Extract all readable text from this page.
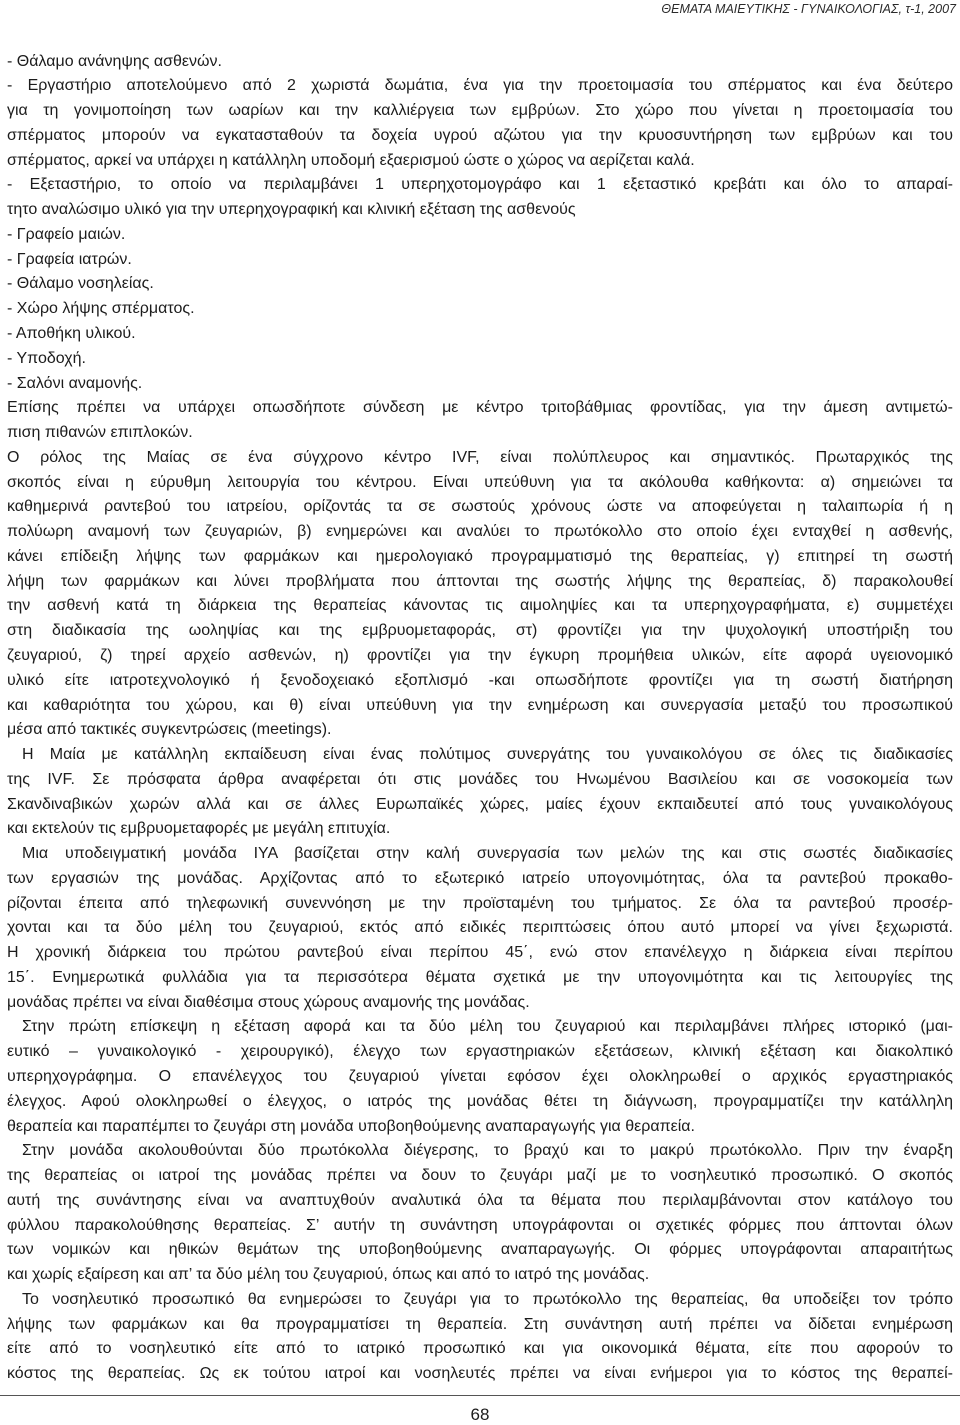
ΘΕΜΑΤΑ ΜΑΙΕΥΤΙΚΗΣ - ΓΥΝΑΙΚΟΛΟΓΙΑΣ, τ-1, 2007
- Θάλαμο ανάνηψης ασθενών.
- Εργαστήριο αποτελούμενο από 2 χωριστά δωμάτια, ένα για την προετοιμασία του σπέρματος και ένα δεύτερο
για τη γονιμοποίηση των ωαρίων και την καλλιέργεια των εμβρύων. Στο χώρο που γίνεται η προετοιμασία του
σπέρματος μπορούν να εγκατασταθούν τα δοχεία υγρού αζώτου για την κρυοσυντήρηση των εμβρύων και του
σπέρματος, αρκεί να υπάρχει η κατάλληλη υποδομή εξαερισμού ώστε ο χώρος να αερίζεται καλά.
- Εξεταστήριο, το οποίο να περιλαμβάνει 1 υπερηχοτομογράφο και 1 εξεταστικό κρεβάτι και όλο το απαραί-
τητο αναλώσιμο υλικό για την υπερηχογραφική και κλινική εξέταση της ασθενούς
- Γραφείο μαιών.
- Γραφεία ιατρών.
- Θάλαμο νοσηλείας.
- Χώρο λήψης σπέρματος.
- Αποθήκη υλικού.
- Υποδοχή.
- Σαλόνι αναμονής.
Επίσης πρέπει να υπάρχει οπωσδήποτε σύνδεση με κέντρο τριτοβάθμιας φροντίδας, για την άμεση αντιμετώ-
πιση πιθανών επιπλοκών.
Ο ρόλος της Μαίας σε ένα σύγχρονο κέντρο IVF, είναι πολύπλευρος και σημαντικός. Πρωταρχικός της
σκοπός είναι η εύρυθμη λειτουργία του κέντρου. Είναι υπεύθυνη για τα ακόλουθα καθήκοντα: α) σημειώνει τα
καθημερινά ραντεβού του ιατρείου, ορίζοντάς τα σε σωστούς χρόνους ώστε να αποφεύγεται η ταλαιπωρία ή η
πολύωρη αναμονή των ζευγαριών, β) ενημερώνει και αναλύει το πρωτόκολλο στο οποίο έχει ενταχθεί η ασθενής,
κάνει επίδειξη λήψης των φαρμάκων και ημερολογιακό προγραμματισμό της θεραπείας, γ) επιτηρεί τη σωστή
λήψη των φαρμάκων και λύνει προβλήματα που άπτονται της σωστής λήψης της θεραπείας, δ) παρακολουθεί
την ασθενή κατά τη διάρκεια της θεραπείας κάνοντας τις αιμοληψίες και τα υπερηχογραφήματα, ε) συμμετέχει
στη διαδικασία της ωοληψίας και της εμβρυομεταφοράς, στ) φροντίζει για την ψυχολογική υποστήριξη του
ζευγαριού, ζ) τηρεί αρχείο ασθενών, η) φροντίζει για την έγκυρη προμήθεια υλικών, είτε αφορά υγειονομικό
υλικό είτε ιατροτεχνολογικό ή ξενοδοχειακό εξοπλισμό -και οπωσδήποτε φροντίζει για τη σωστή διατήρηση
και καθαριότητα του χώρου, και θ) είναι υπεύθυνη για την ενημέρωση και συνεργασία μεταξύ του προσωπικού
μέσα από τακτικές συγκεντρώσεις (meetings).
Η Μαία με κατάλληλη εκπαίδευση είναι ένας πολύτιμος συνεργάτης του γυναικολόγου σε όλες τις διαδικασίες
της IVF. Σε πρόσφατα άρθρα αναφέρεται ότι στις μονάδες του Ηνωμένου Βασιλείου και σε νοσοκομεία των
Σκανδιναβικών χωρών αλλά και σε άλλες Ευρωπαϊκές χώρες, μαίες έχουν εκπαιδευτεί από τους γυναικολόγους
και εκτελούν τις εμβρυομεταφορές με μεγάλη επιτυχία.
Μια υποδειγματική μονάδα ΙΥΑ βασίζεται στην καλή συνεργασία των μελών της και στις σωστές διαδικασίες
των εργασιών της μονάδας. Αρχίζοντας από το εξωτερικό ιατρείο υπογονιμότητας, όλα τα ραντεβού προκαθο-
ρίζονται έπειτα από τηλεφωνική συνεννόηση με την προϊσταμένη του τμήματος. Σε όλα τα ραντεβού προσέρ-
χονται και τα δύο μέλη του ζευγαριού, εκτός από ειδικές περιπτώσεις όπου αυτό μπορεί να γίνει ξεχωριστά.
Η χρονική διάρκεια του πρώτου ραντεβού είναι περίπου 45΄, ενώ στον επανέλεγχο η διάρκεια είναι περίπου
15΄. Ενημερωτικά φυλλάδια για τα περισσότερα θέματα σχετικά με την υπογονιμότητα και τις λειτουργίες της
μονάδας πρέπει να είναι διαθέσιμα στους χώρους αναμονής της μονάδας.
Στην πρώτη επίσκεψη η εξέταση αφορά και τα δύο μέλη του ζευγαριού και περιλαμβάνει πλήρες ιστορικό (μαι-
ευτικό – γυναικολογικό - χειρουργικό), έλεγχο των εργαστηριακών εξετάσεων, κλινική εξέταση και διακολπικό
υπερηχογράφημα. Ο επανέλεγχος του ζευγαριού γίνεται εφόσον έχει ολοκληρωθεί ο αρχικός εργαστηριακός
έλεγχος. Αφού ολοκληρωθεί ο έλεγχος, ο ιατρός της μονάδας θέτει τη διάγνωση, προγραμματίζει την κατάλληλη
θεραπεία και παραπέμπει το ζευγάρι στη μονάδα υποβοηθούμενης αναπαραγωγής για θεραπεία.
Στην μονάδα ακολουθούνται δύο πρωτόκολλα διέγερσης, το βραχύ και το μακρύ πρωτόκολλο. Πριν την έναρξη
της θεραπείας οι ιατροί της μονάδας πρέπει να δουν το ζευγάρι μαζί με το νοσηλευτικό προσωπικό. Ο σκοπός
αυτή της συνάντησης είναι να αναπτυχθούν αναλυτικά όλα τα θέματα που περιλαμβάνονται στον κατάλογο του
φύλλου παρακολούθησης θεραπείας. Σ’ αυτήν τη συνάντηση υπογράφονται οι σχετικές φόρμες που άπτονται όλων
των νομικών και ηθικών θεμάτων της υποβοηθούμενης αναπαραγωγής. Οι φόρμες υπογράφονται απαραιτήτως
και χωρίς εξαίρεση και απ’ τα δύο μέλη του ζευγαριού, όπως και από το ιατρό της μονάδας.
Το νοσηλευτικό προσωπικό θα ενημερώσει το ζευγάρι για το πρωτόκολλο της θεραπείας, θα υποδείξει τον τρόπο
λήψης των φαρμάκων και θα προγραμματίσει τη θεραπεία. Στη συνάντηση αυτή πρέπει να δίδεται ενημέρωση
είτε από το νοσηλευτικό είτε από το ιατρικό προσωπικό και για οικονομικά θέματα, είτε που αφορούν το
κόστος της θεραπείας. Ως εκ τούτου ιατροί και νοσηλευτές πρέπει να είναι ενήμεροι για το κόστος της θεραπεί-
68
